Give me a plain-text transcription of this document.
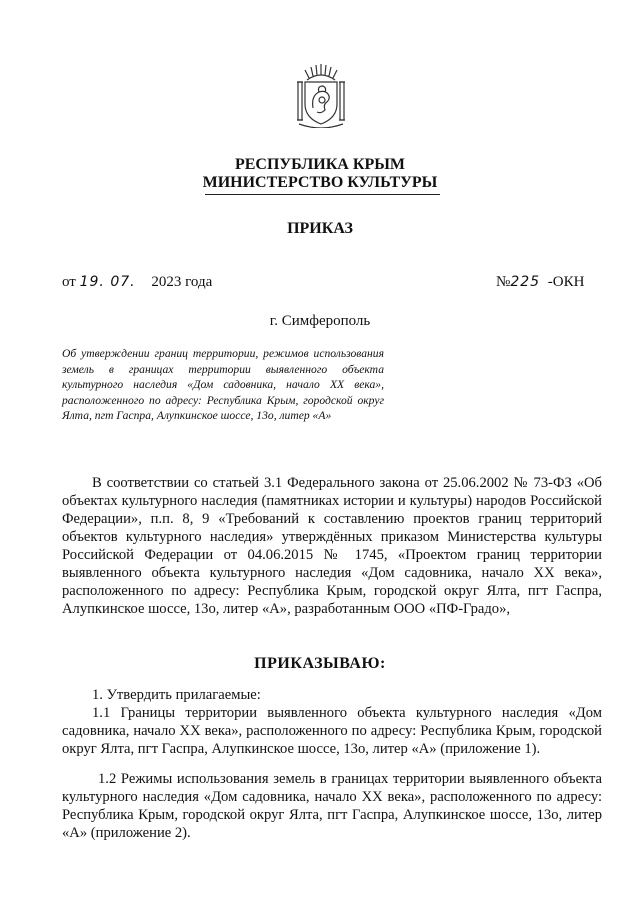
РЕСПУБЛИКА КРЫМ
МИНИСТЕРСТВО КУЛЬТУРЫ
ПРИКАЗ
от 19. 07. 2023 года	№225 -ОКН
г. Симферополь
Об утверждении границ территории, режимов использования земель в границах территории выявленного объекта культурного наследия «Дом садовника, начало XX века», расположенного по адресу: Республика Крым, городской округ Ялта, пгт Гаспра, Алупкинское шоссе, 13о, литер «А»
В соответствии со статьей 3.1 Федерального закона от 25.06.2002 № 73-ФЗ «Об объектах культурного наследия (памятниках истории и культуры) народов Российской Федерации», п.п. 8, 9 «Требований к составлению проектов границ территорий объектов культурного наследия» утверждённых приказом Министерства культуры Российской Федерации от 04.06.2015 № 1745, «Проектом границ территории выявленного объекта культурного наследия «Дом садовника, начало XX века», расположенного по адресу: Республика Крым, городской округ Ялта, пгт Гаспра, Алупкинское шоссе, 13о, литер «А», разработанным ООО «ПФ-Градо»,
ПРИКАЗЫВАЮ:
1. Утвердить прилагаемые:
1.1 Границы территории выявленного объекта культурного наследия «Дом садовника, начало XX века», расположенного по адресу: Республика Крым, городской округ Ялта, пгт Гаспра, Алупкинское шоссе, 13о, литер «А» (приложение 1).
1.2 Режимы использования земель в границах территории выявленного объекта культурного наследия «Дом садовника, начало XX века», расположенного по адресу: Республика Крым, городской округ Ялта, пгт Гаспра, Алупкинское шоссе, 13о, литер «А» (приложение 2).
